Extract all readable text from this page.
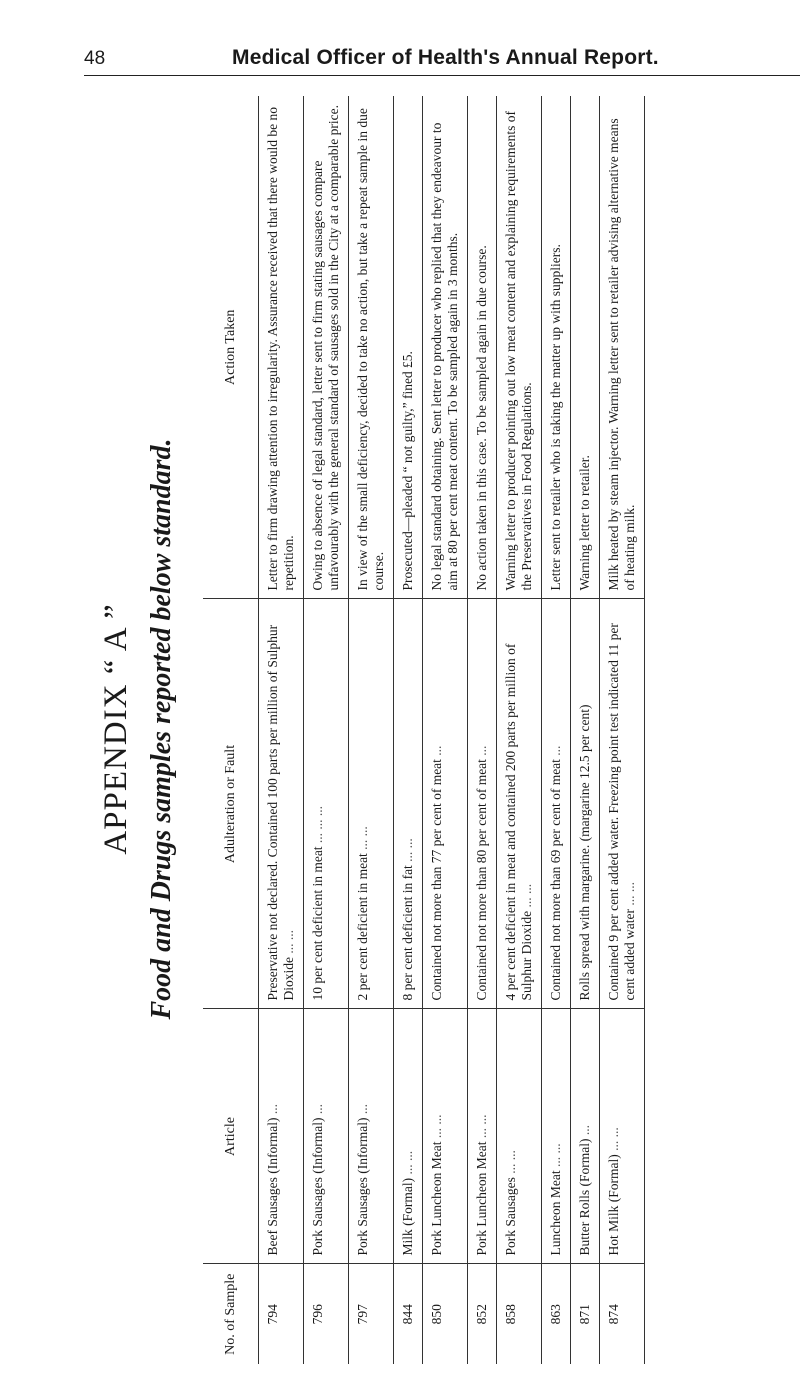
48	Medical Officer of Health's Annual Report.
APPENDIX “ A ” Food and Drugs samples reported below standard.
No. of Sample	Article	Adulteration or Fault	Action Taken
794	Beef Sausages (Informal) ...	Preservative not declared. Contained 100 parts per million of Sulphur Dioxide ... ...	Letter to firm drawing attention to irregularity. Assurance received that there would be no repetition.
796	Pork Sausages (Informal) ...	10 per cent deficient in meat ... ... ...	Owing to absence of legal standard, letter sent to firm stating sausages compare unfavourably with the general standard of sausages sold in the City at a comparable price.
797	Pork Sausages (Informal) ...	2 per cent deficient in meat ... ...	In view of the small deficiency, decided to take no action, but take a repeat sample in due course.
844	Milk (Formal) ... ...	8 per cent deficient in fat ... ...	Prosecuted—pleaded “ not guilty,” fined £5.
850	Pork Luncheon Meat ... ...	Contained not more than 77 per cent of meat ...	No legal standard obtaining. Sent letter to producer who replied that they endeavour to aim at 80 per cent meat content. To be sampled again in 3 months.
852	Pork Luncheon Meat ... ...	Contained not more than 80 per cent of meat ...	No action taken in this case. To be sampled again in due course.
858	Pork Sausages ... ...	4 per cent deficient in meat and contained 200 parts per million of Sulphur Dioxide ... ...	Warning letter to producer pointing out low meat content and explaining requirements of the Preservatives in Food Regulations.
863	Luncheon Meat ... ...	Contained not more than 69 per cent of meat ...	Letter sent to retailer who is taking the matter up with suppliers.
871	Butter Rolls (Formal) ...	Rolls spread with margarine. (margarine 12.5 per cent)	Warning letter to retailer.
874	Hot Milk (Formal) ... ...	Contained 9 per cent added water. Freezing point test indicated 11 per cent added water ... ...	Milk heated by steam injector. Warning letter sent to retailer advising alternative means of heating milk.
